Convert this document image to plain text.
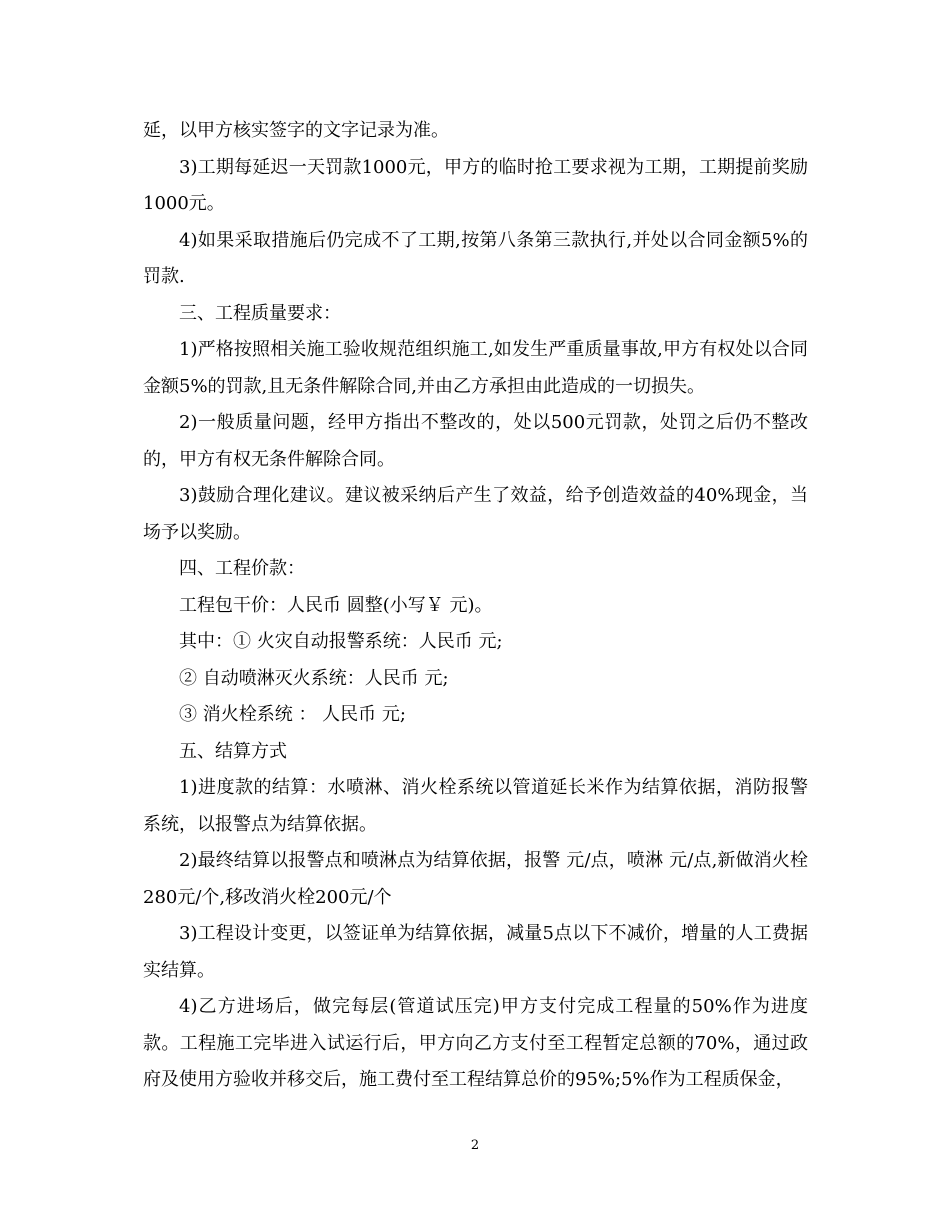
延，以甲方核实签字的文字记录为准。

3)工期每延迟一天罚款1000元，甲方的临时抢工要求视为工期，工期提前奖励1000元。

4)如果采取措施后仍完成不了工期,按第八条第三款执行,并处以合同金额5%的罚款.

三、工程质量要求：

1)严格按照相关施工验收规范组织施工,如发生严重质量事故,甲方有权处以合同金额5%的罚款,且无条件解除合同,并由乙方承担由此造成的一切损失。

2)一般质量问题，经甲方指出不整改的，处以500元罚款，处罚之后仍不整改的，甲方有权无条件解除合同。

3)鼓励合理化建议。建议被采纳后产生了效益，给予创造效益的40%现金，当场予以奖励。

四、工程价款：

工程包干价：人民币 圆整(小写￥ 元)。

其中：① 火灾自动报警系统：人民币 元;

② 自动喷淋灭火系统：人民币 元;

③ 消火栓系统 ： 人民币 元;

五、结算方式

1)进度款的结算：水喷淋、消火栓系统以管道延长米作为结算依据，消防报警系统，以报警点为结算依据。

2)最终结算以报警点和喷淋点为结算依据，报警 元/点，喷淋 元/点,新做消火栓280元/个,移改消火栓200元/个

3)工程设计变更，以签证单为结算依据，减量5点以下不减价，增量的人工费据实结算。

4)乙方进场后，做完每层(管道试压完)甲方支付完成工程量的50%作为进度款。工程施工完毕进入试运行后，甲方向乙方支付至工程暂定总额的70%，通过政府及使用方验收并移交后，施工费付至工程结算总价的95%;5%作为工程质保金，

2
